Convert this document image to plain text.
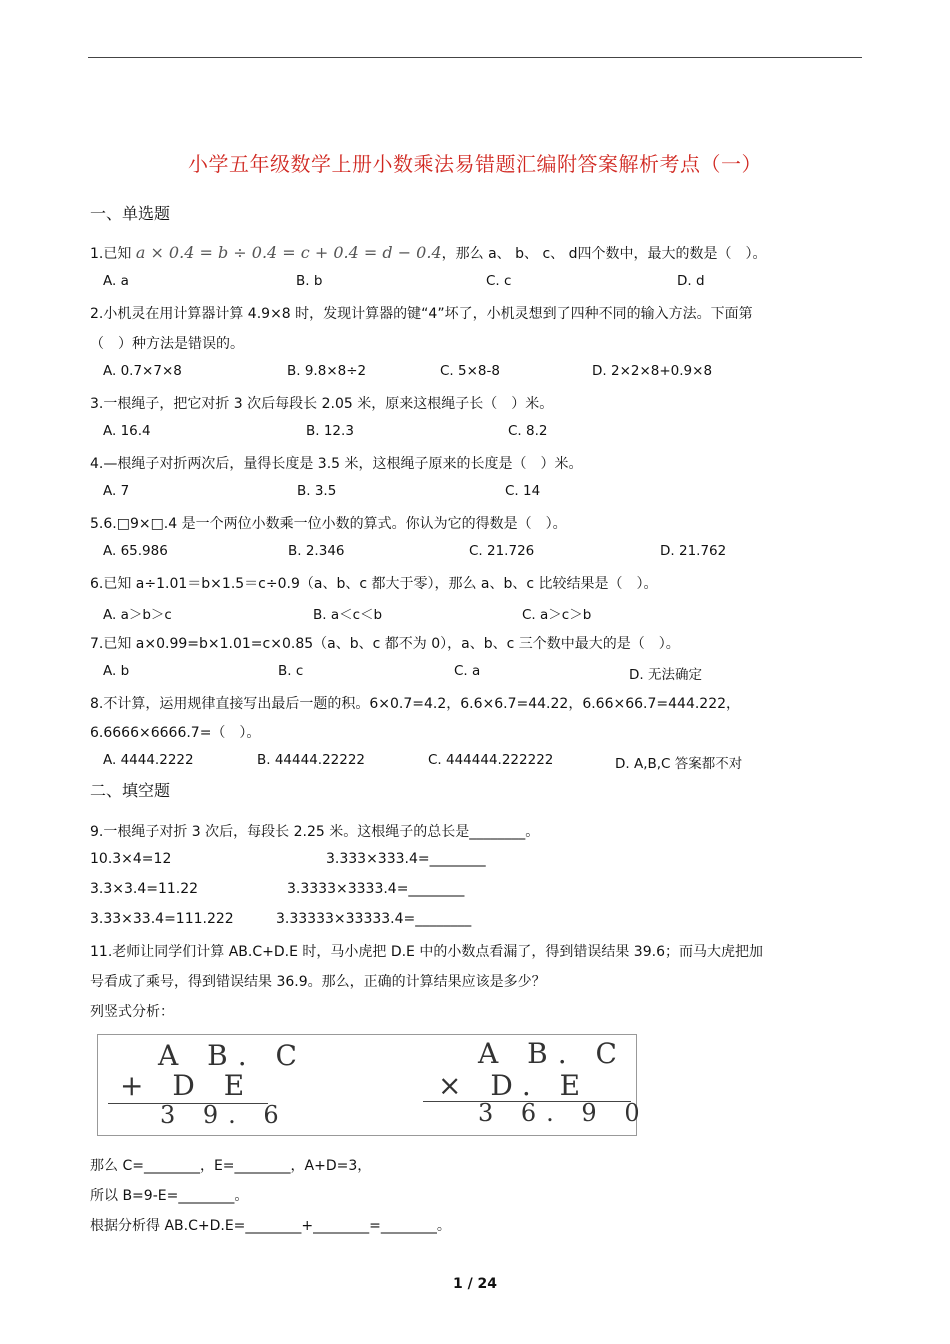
小学五年级数学上册小数乘法易错题汇编附答案解析考点（一）
一、单选题
1.已知 a × 0.4 = b ÷ 0.4 = c + 0.4 = d − 0.4，那么 a、 b、 c、 d四个数中，最大的数是（　）。
A. a	B. b	C. c	D. d
2.小机灵在用计算器计算 4.9×8 时，发现计算器的键“4”坏了，小机灵想到了四种不同的输入方法。下面第
（　）种方法是错误的。
A. 0.7×7×8	B. 9.8×8÷2	C. 5×8-8	D. 2×2×8+0.9×8
3.一根绳子，把它对折 3 次后每段长 2.05 米，原来这根绳子长（　）米。
A. 16.4	B. 12.3	C. 8.2
4.—根绳子对折两次后，量得长度是 3.5 米，这根绳子原来的长度是（　）米。
A. 7	B. 3.5	C. 14
5.6.□9×□.4 是一个两位小数乘一位小数的算式。你认为它的得数是（　）。
A. 65.986	B. 2.346	C. 21.726	D. 21.762
6.已知 a÷1.01＝b×1.5＝c÷0.9（a、b、c 都大于零），那么 a、b、c 比较结果是（　）。
A. a＞b＞c	B. a＜c＜b	C. a＞c＞b
7.已知 a×0.99=b×1.01=c×0.85（a、b、c 都不为 0），a、b、c 三个数中最大的是（　）。
A. b	B. c	C. a	D. 无法确定
8.不计算，运用规律直接写出最后一题的积。6×0.7=4.2，6.6×6.7=44.22，6.66×66.7=444.222，
6.6666×6666.7=（　）。
A. 4444.2222	B. 44444.22222	C. 444444.222222	D. A,B,C 答案都不对
二、填空题
9.一根绳子对折 3 次后，每段长 2.25 米。这根绳子的总长是________。
10.3×4=12	3.333×333.4=________
3.3×3.4=11.22	3.3333×3333.4=________
3.33×33.4=111.222	3.33333×33333.4=________
11.老师让同学们计算 AB.C+D.E 时，马小虎把 D.E 中的小数点看漏了，得到错误结果 39.6；而马大虎把加
号看成了乘号，得到错误结果 36.9。那么，正确的计算结果应该是多少？
列竖式分析：
A B. C
+ D E
3 9. 6
A B. C
× D. E
3 6. 9 0
那么 C=________，E=________，A+D=3，
所以 B=9-E=________。
根据分析得 AB.C+D.E=________+________=________。
1 / 24
